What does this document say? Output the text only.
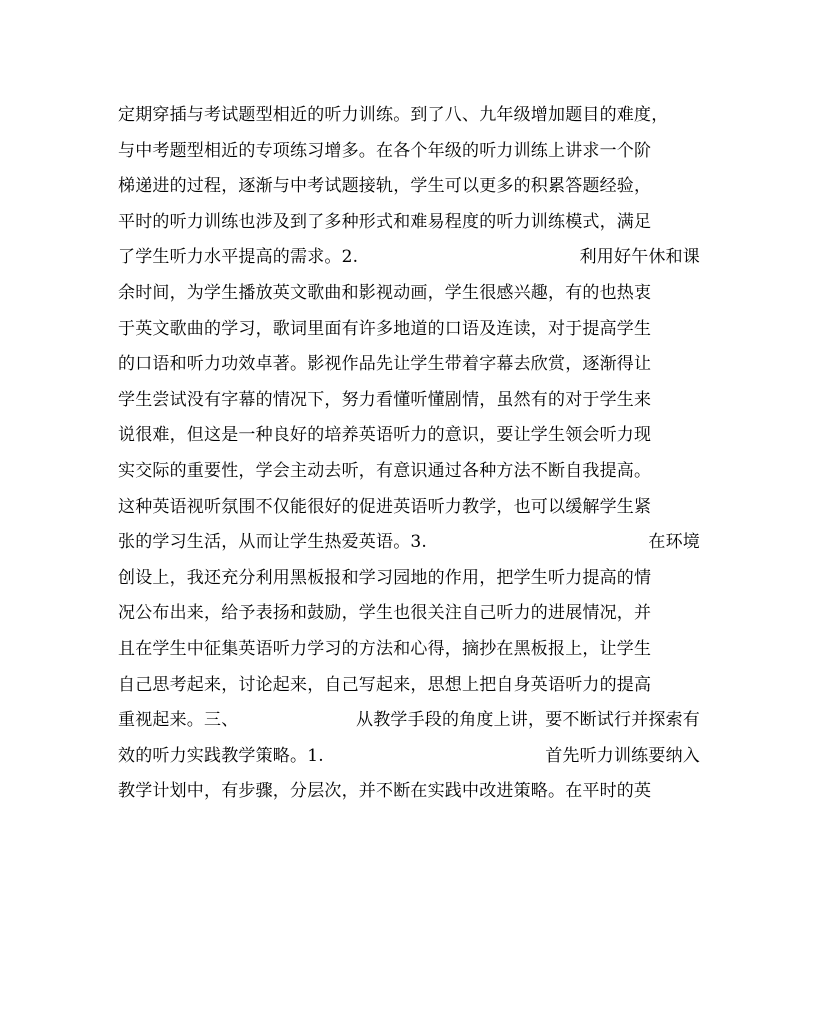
定期穿插与考试题型相近的听力训练。到了八、九年级增加题目的难度，
与中考题型相近的专项练习增多。在各个年级的听力训练上讲求一个阶
梯递进的过程，逐渐与中考试题接轨，学生可以更多的积累答题经验，
平时的听力训练也涉及到了多种形式和难易程度的听力训练模式，满足
了学生听力水平提高的需求。2.	利用好午休和课
余时间，为学生播放英文歌曲和影视动画，学生很感兴趣，有的也热衷
于英文歌曲的学习，歌词里面有许多地道的口语及连读，对于提高学生
的口语和听力功效卓著。影视作品先让学生带着字幕去欣赏，逐渐得让
学生尝试没有字幕的情况下，努力看懂听懂剧情，虽然有的对于学生来
说很难，但这是一种良好的培养英语听力的意识，要让学生领会听力现
实交际的重要性，学会主动去听，有意识通过各种方法不断自我提高。
这种英语视听氛围不仅能很好的促进英语听力教学，也可以缓解学生紧
张的学习生活，从而让学生热爱英语。3.	在环境
创设上，我还充分利用黑板报和学习园地的作用，把学生听力提高的情
况公布出来，给予表扬和鼓励，学生也很关注自己听力的进展情况，并
且在学生中征集英语听力学习的方法和心得，摘抄在黑板报上，让学生
自己思考起来，讨论起来，自己写起来，思想上把自身英语听力的提高
重视起来。三、	从教学手段的角度上讲，要不断试行并探索有
效的听力实践教学策略。1.	首先听力训练要纳入
教学计划中，有步骤，分层次，并不断在实践中改进策略。在平时的英
